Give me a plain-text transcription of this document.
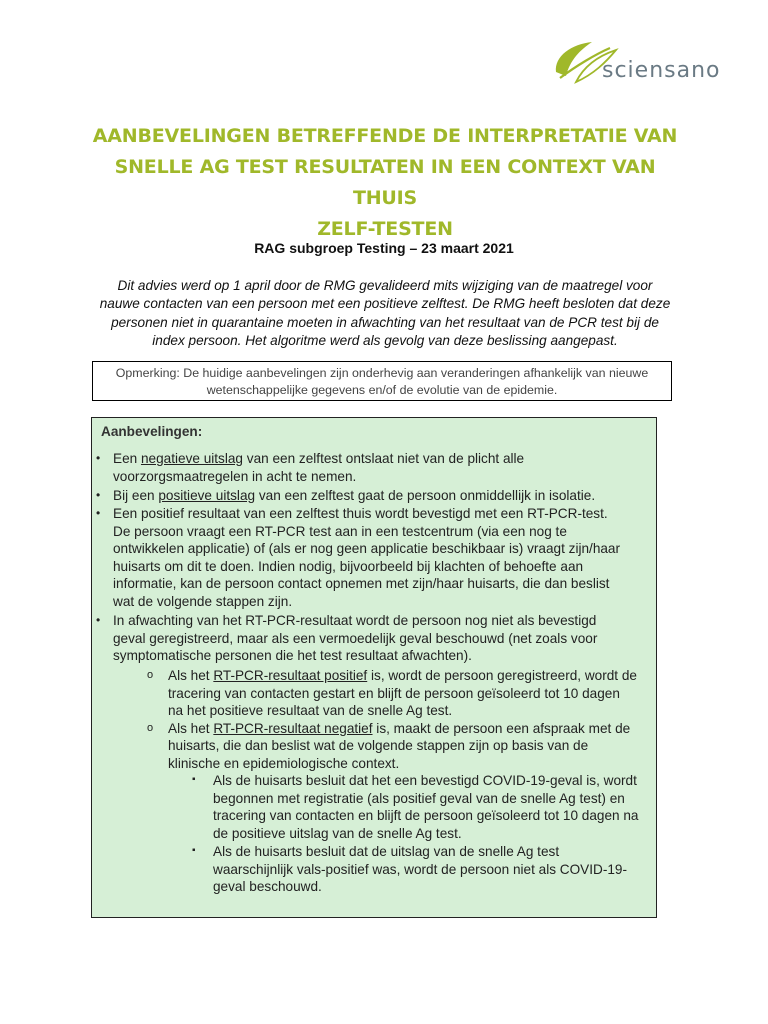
sciensano
AANBEVELINGEN BETREFFENDE DE INTERPRETATIE VAN
SNELLE AG TEST RESULTATEN IN EEN CONTEXT VAN THUIS
ZELF-TESTEN
RAG subgroep Testing – 23 maart 2021
Dit advies werd op 1 april door de RMG gevalideerd mits wijziging van de maatregel voor
nauwe contacten van een persoon met een positieve zelftest. De RMG heeft besloten dat deze
personen niet in quarantaine moeten in afwachting van het resultaat van de PCR test bij de
index persoon. Het algoritme werd als gevolg van deze beslissing aangepast.
Opmerking: De huidige aanbevelingen zijn onderhevig aan veranderingen afhankelijk van nieuwe
wetenschappelijke gegevens en/of de evolutie van de epidemie.
Aanbevelingen:
• Een negatieve uitslag van een zelftest ontslaat niet van de plicht alle
voorzorgsmaatregelen in acht te nemen.
• Bij een positieve uitslag van een zelftest gaat de persoon onmiddellijk in isolatie.
• Een positief resultaat van een zelftest thuis wordt bevestigd met een RT-PCR-test.
De persoon vraagt een RT-PCR test aan in een testcentrum (via een nog te
ontwikkelen applicatie) of (als er nog geen applicatie beschikbaar is) vraagt zijn/haar
huisarts om dit te doen. Indien nodig, bijvoorbeeld bij klachten of behoefte aan
informatie, kan de persoon contact opnemen met zijn/haar huisarts, die dan beslist
wat de volgende stappen zijn.
• In afwachting van het RT-PCR-resultaat wordt de persoon nog niet als bevestigd
geval geregistreerd, maar als een vermoedelijk geval beschouwd (net zoals voor
symptomatische personen die het test resultaat afwachten).
o Als het RT-PCR-resultaat positief is, wordt de persoon geregistreerd, wordt de
tracering van contacten gestart en blijft de persoon geïsoleerd tot 10 dagen
na het positieve resultaat van de snelle Ag test.
o Als het RT-PCR-resultaat negatief is, maakt de persoon een afspraak met de
huisarts, die dan beslist wat de volgende stappen zijn op basis van de
klinische en epidemiologische context.
▪ Als de huisarts besluit dat het een bevestigd COVID-19-geval is, wordt
begonnen met registratie (als positief geval van de snelle Ag test) en
tracering van contacten en blijft de persoon geïsoleerd tot 10 dagen na
de positieve uitslag van de snelle Ag test.
▪ Als de huisarts besluit dat de uitslag van de snelle Ag test
waarschijnlijk vals-positief was, wordt de persoon niet als COVID-19-
geval beschouwd.
